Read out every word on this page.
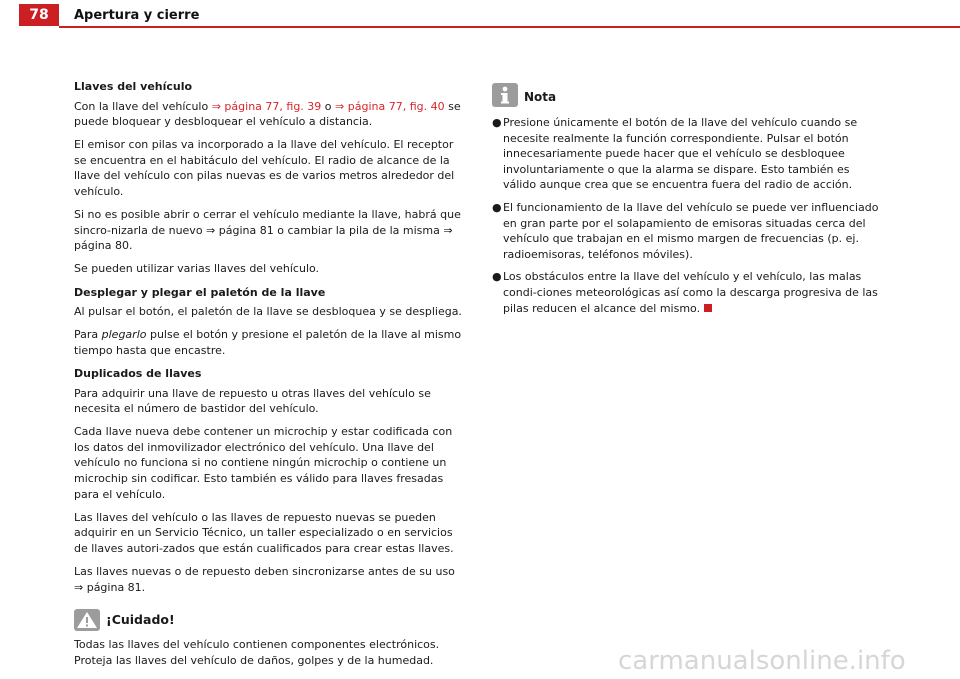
78	Apertura y cierre
Llaves del vehículo

Con la llave del vehículo ⇒ página 77, fig. 39 o ⇒ página 77, fig. 40 se puede bloquear y desbloquear el vehículo a distancia.

El emisor con pilas va incorporado a la llave del vehículo. El receptor se encuentra en el habitáculo del vehículo. El radio de alcance de la llave del vehículo con pilas nuevas es de varios metros alrededor del vehículo.

Si no es posible abrir o cerrar el vehículo mediante la llave, habrá que sincro-nizarla de nuevo ⇒ página 81 o cambiar la pila de la misma ⇒ página 80.

Se pueden utilizar varias llaves del vehículo.

Desplegar y plegar el paletón de la llave

Al pulsar el botón, el paletón de la llave se desbloquea y se despliega.

Para plegarlo pulse el botón y presione el paletón de la llave al mismo tiempo hasta que encastre.

Duplicados de llaves

Para adquirir una llave de repuesto u otras llaves del vehículo se necesita el número de bastidor del vehículo.

Cada llave nueva debe contener un microchip y estar codificada con los datos del inmovilizador electrónico del vehículo. Una llave del vehículo no funciona si no contiene ningún microchip o contiene un microchip sin codificar. Esto también es válido para llaves fresadas para el vehículo.

Las llaves del vehículo o las llaves de repuesto nuevas se pueden adquirir en un Servicio Técnico, un taller especializado o en servicios de llaves autori-zados que están cualificados para crear estas llaves.

Las llaves nuevas o de repuesto deben sincronizarse antes de su uso ⇒ página 81.

¡Cuidado!

Todas las llaves del vehículo contienen componentes electrónicos. Proteja las llaves del vehículo de daños, golpes y de la humedad.

Nota
● Presione únicamente el botón de la llave del vehículo cuando se necesite realmente la función correspondiente. Pulsar el botón innecesariamente puede hacer que el vehículo se desbloquee involuntariamente o que la alarma se dispare. Esto también es válido aunque crea que se encuentra fuera del radio de acción.
● El funcionamiento de la llave del vehículo se puede ver influenciado en gran parte por el solapamiento de emisoras situadas cerca del vehículo que trabajan en el mismo margen de frecuencias (p. ej. radioemisoras, teléfonos móviles).
● Los obstáculos entre la llave del vehículo y el vehículo, las malas condi-ciones meteorológicas así como la descarga progresiva de las pilas reducen el alcance del mismo.
carmanualsonline.info
